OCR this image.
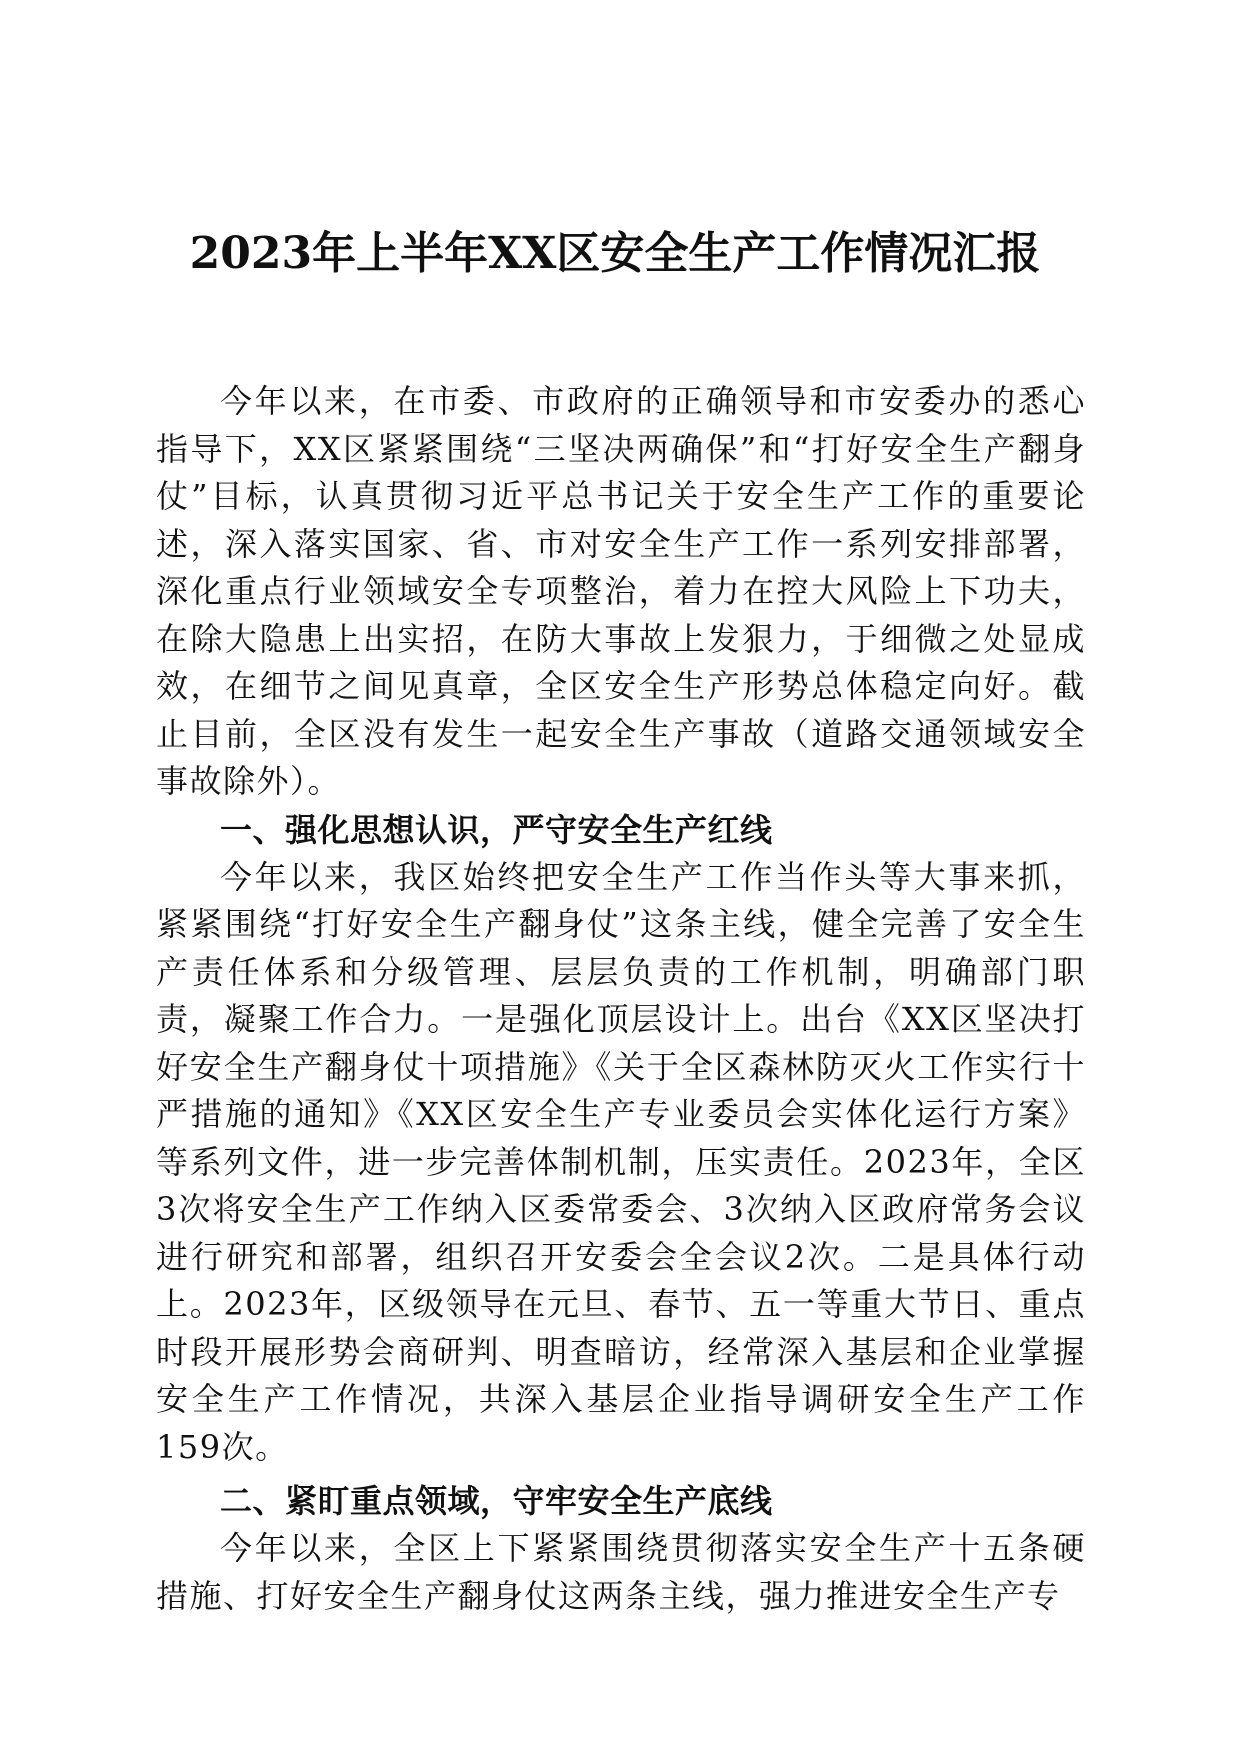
2023年上半年XX区安全生产工作情况汇报

今年以来，在市委、市政府的正确领导和市安委办的悉心指导下，XX区紧紧围绕“三坚决两确保”和“打好安全生产翻身仗”目标，认真贯彻习近平总书记关于安全生产工作的重要论述，深入落实国家、省、市对安全生产工作一系列安排部署，深化重点行业领域安全专项整治，着力在控大风险上下功夫，在除大隐患上出实招，在防大事故上发狠力，于细微之处显成效，在细节之间见真章，全区安全生产形势总体稳定向好。截止目前，全区没有发生一起安全生产事故（道路交通领域安全事故除外）。

一、强化思想认识，严守安全生产红线

今年以来，我区始终把安全生产工作当作头等大事来抓，紧紧围绕“打好安全生产翻身仗”这条主线，健全完善了安全生产责任体系和分级管理、层层负责的工作机制，明确部门职责，凝聚工作合力。一是强化顶层设计上。出台《XX区坚决打好安全生产翻身仗十项措施》《关于全区森林防灭火工作实行十严措施的通知》《XX区安全生产专业委员会实体化运行方案》等系列文件，进一步完善体制机制，压实责任。2023年，全区3次将安全生产工作纳入区委常委会、3次纳入区政府常务会议进行研究和部署，组织召开安委会全会议2次。二是具体行动上。2023年，区级领导在元旦、春节、五一等重大节日、重点时段开展形势会商研判、明查暗访，经常深入基层和企业掌握安全生产工作情况，共深入基层企业指导调研安全生产工作159次。

二、紧盯重点领域，守牢安全生产底线

今年以来，全区上下紧紧围绕贯彻落实安全生产十五条硬措施、打好安全生产翻身仗这两条主线，强力推进安全生产专
